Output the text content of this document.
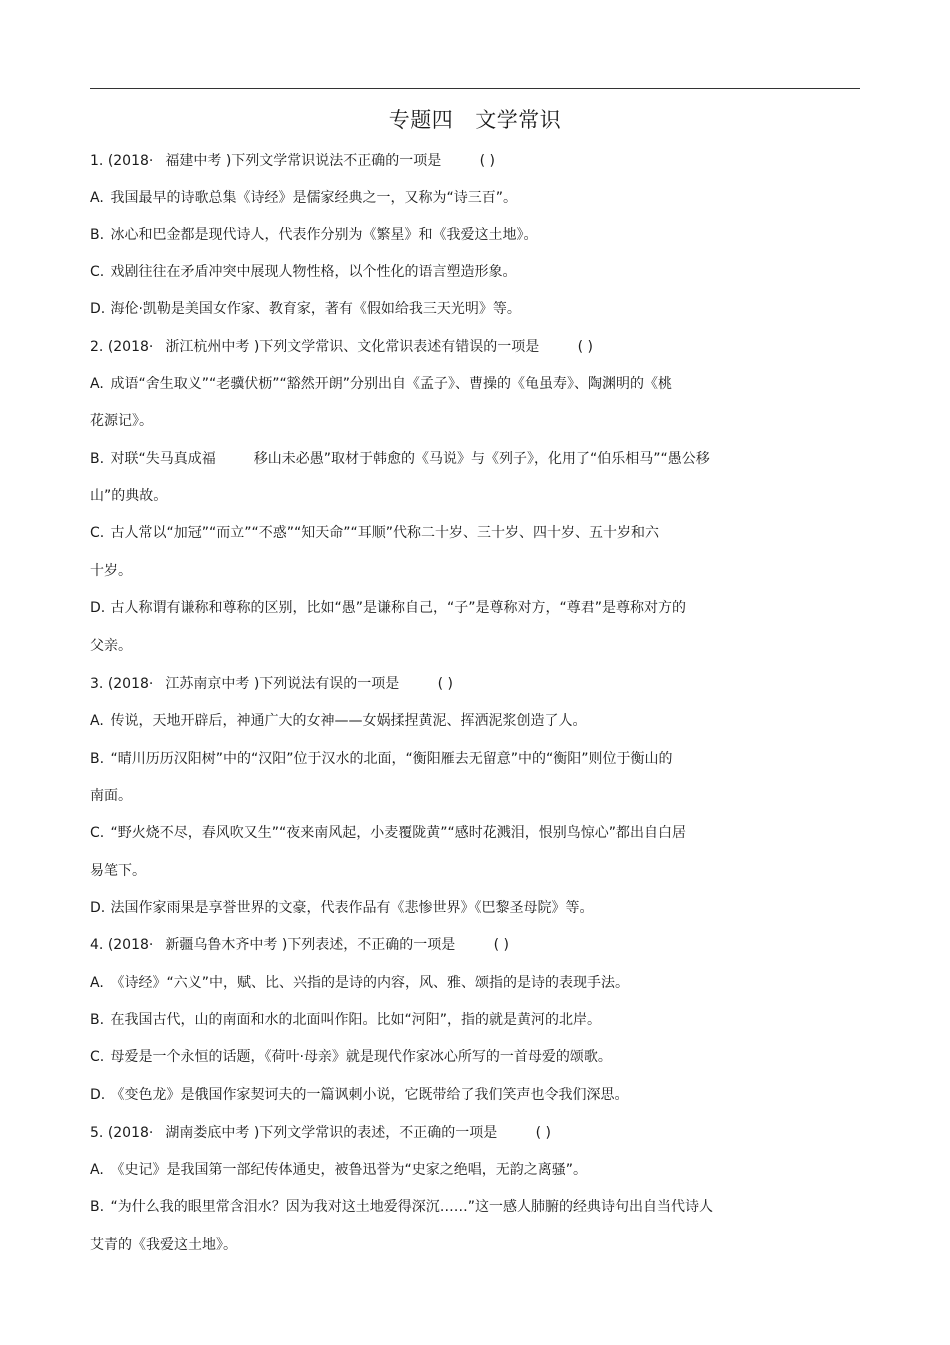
专题四 文学常识
1. (2018· 福建中考 )下列文学常识说法不正确的一项是	( )
A. 我国最早的诗歌总集《诗经》是儒家经典之一，又称为“诗三百”。
B. 冰心和巴金都是现代诗人，代表作分别为《繁星》和《我爱这土地》。
C. 戏剧往往在矛盾冲突中展现人物性格，以个性化的语言塑造形象。
D. 海伦·凯勒是美国女作家、教育家，著有《假如给我三天光明》等。
2. (2018· 浙江杭州中考 )下列文学常识、文化常识表述有错误的一项是	( )
A. 成语“舍生取义”“老骥伏枥”“豁然开朗”分别出自《孟子》、曹操的《龟虽寿》、陶渊明的《桃
花源记》。
B. 对联“失马真成福	移山未必愚”取材于韩愈的《马说》与《列子》，化用了“伯乐相马”“愚公移
山”的典故。
C. 古人常以“加冠”“而立”“不惑”“知天命”“耳顺”代称二十岁、三十岁、四十岁、五十岁和六
十岁。
D. 古人称谓有谦称和尊称的区别，比如“愚”是谦称自己，“子”是尊称对方，“尊君”是尊称对方的
父亲。
3. (2018· 江苏南京中考 )下列说法有误的一项是	( )
A. 传说，天地开辟后，神通广大的女神——女娲揉捏黄泥、挥洒泥浆创造了人。
B. “晴川历历汉阳树”中的“汉阳”位于汉水的北面，“衡阳雁去无留意”中的“衡阳”则位于衡山的
南面。
C. “野火烧不尽，春风吹又生”“夜来南风起，小麦覆陇黄”“感时花溅泪，恨别鸟惊心”都出自白居
易笔下。
D. 法国作家雨果是享誉世界的文豪，代表作品有《悲惨世界》《巴黎圣母院》等。
4. (2018· 新疆乌鲁木齐中考 )下列表述，不正确的一项是	( )
A. 《诗经》“六义”中，赋、比、兴指的是诗的内容，风、雅、颂指的是诗的表现手法。
B. 在我国古代，山的南面和水的北面叫作阳。比如“河阳”，指的就是黄河的北岸。
C. 母爱是一个永恒的话题，《荷叶·母亲》就是现代作家冰心所写的一首母爱的颂歌。
D. 《变色龙》是俄国作家契诃夫的一篇讽刺小说，它既带给了我们笑声也令我们深思。
5. (2018· 湖南娄底中考 )下列文学常识的表述，不正确的一项是	( )
A. 《史记》是我国第一部纪传体通史，被鲁迅誉为“史家之绝唱，无韵之离骚”。
B. “为什么我的眼里常含泪水？因为我对这土地爱得深沉……”这一感人肺腑的经典诗句出自当代诗人
艾青的《我爱这土地》。
